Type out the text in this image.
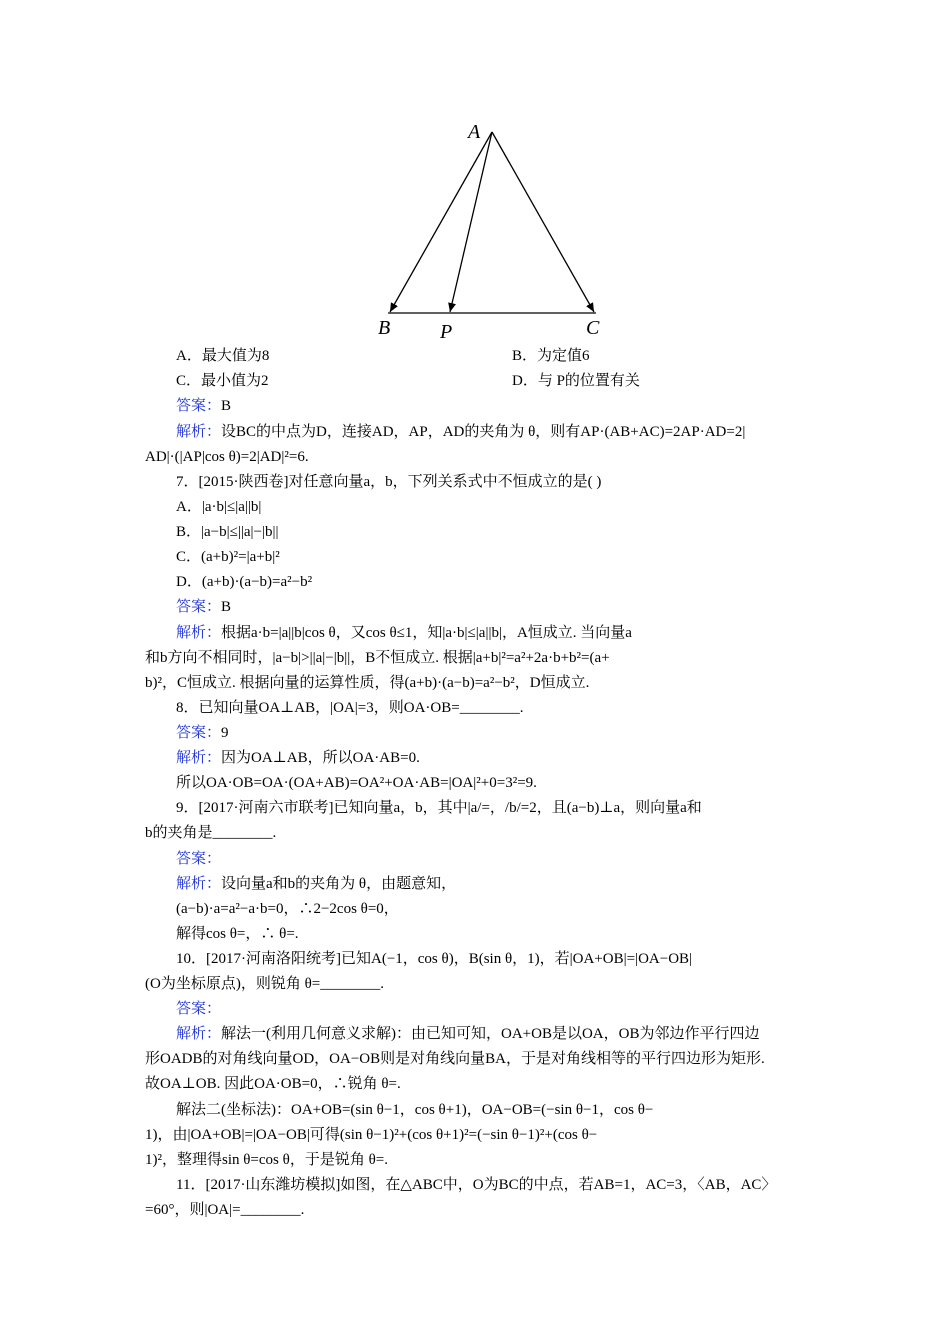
A
B P	C
A．最大值为8	B．为定值6
C．最小值为2	D．与 P的位置有关
答案：B
解析：设BC的中点为D，连接AD，AP，AD的夹角为 θ，则有AP·(AB+AC)=2AP·AD=2|
AD|·(|AP|cos θ)=2|AD|²=6.
7．[2015·陕西卷]对任意向量a，b，下列关系式中不恒成立的是( )
A．|a·b|≤|a||b|
B．|a−b|≤||a|−|b||
C．(a+b)²=|a+b|²
D．(a+b)·(a−b)=a²−b²
答案：B
解析：根据a·b=|a||b|cos θ，又cos θ≤1，知|a·b|≤|a||b|，A恒成立. 当向量a
和b方向不相同时，|a−b|>||a|−|b||，B不恒成立. 根据|a+b|²=a²+2a·b+b²=(a+
b)²，C恒成立. 根据向量的运算性质，得(a+b)·(a−b)=a²−b²，D恒成立.
8．已知向量OA⊥AB，|OA|=3，则OA·OB=________.
答案：9
解析：因为OA⊥AB，所以OA·AB=0.
所以OA·OB=OA·(OA+AB)=OA²+OA·AB=|OA|²+0=3²=9.
9．[2017·河南六市联考]已知向量a，b，其中|a/=，/b/=2，且(a−b)⊥a，则向量a和
b的夹角是________.
答案：
解析：设向量a和b的夹角为 θ，由题意知，
(a−b)·a=a²−a·b=0，∴2−2cos θ=0，
解得cos θ=，∴ θ=.
10．[2017·河南洛阳统考]已知A(−1，cos θ)，B(sin θ，1)，若|OA+OB|=|OA−OB|
(O为坐标原点)，则锐角 θ=________.
答案：
解析：解法一(利用几何意义求解)：由已知可知，OA+OB是以OA，OB为邻边作平行四边
形OADB的对角线向量OD，OA−OB则是对角线向量BA，于是对角线相等的平行四边形为矩形.
故OA⊥OB. 因此OA·OB=0，∴锐角 θ=.
解法二(坐标法)：OA+OB=(sin θ−1，cos θ+1)，OA−OB=(−sin θ−1，cos θ−
1)，由|OA+OB|=|OA−OB|可得(sin θ−1)²+(cos θ+1)²=(−sin θ−1)²+(cos θ−
1)²，整理得sin θ=cos θ，于是锐角 θ=.
11．[2017·山东潍坊模拟]如图，在△ABC中，O为BC的中点，若AB=1，AC=3，〈AB，AC〉
=60°，则|OA|=________.
